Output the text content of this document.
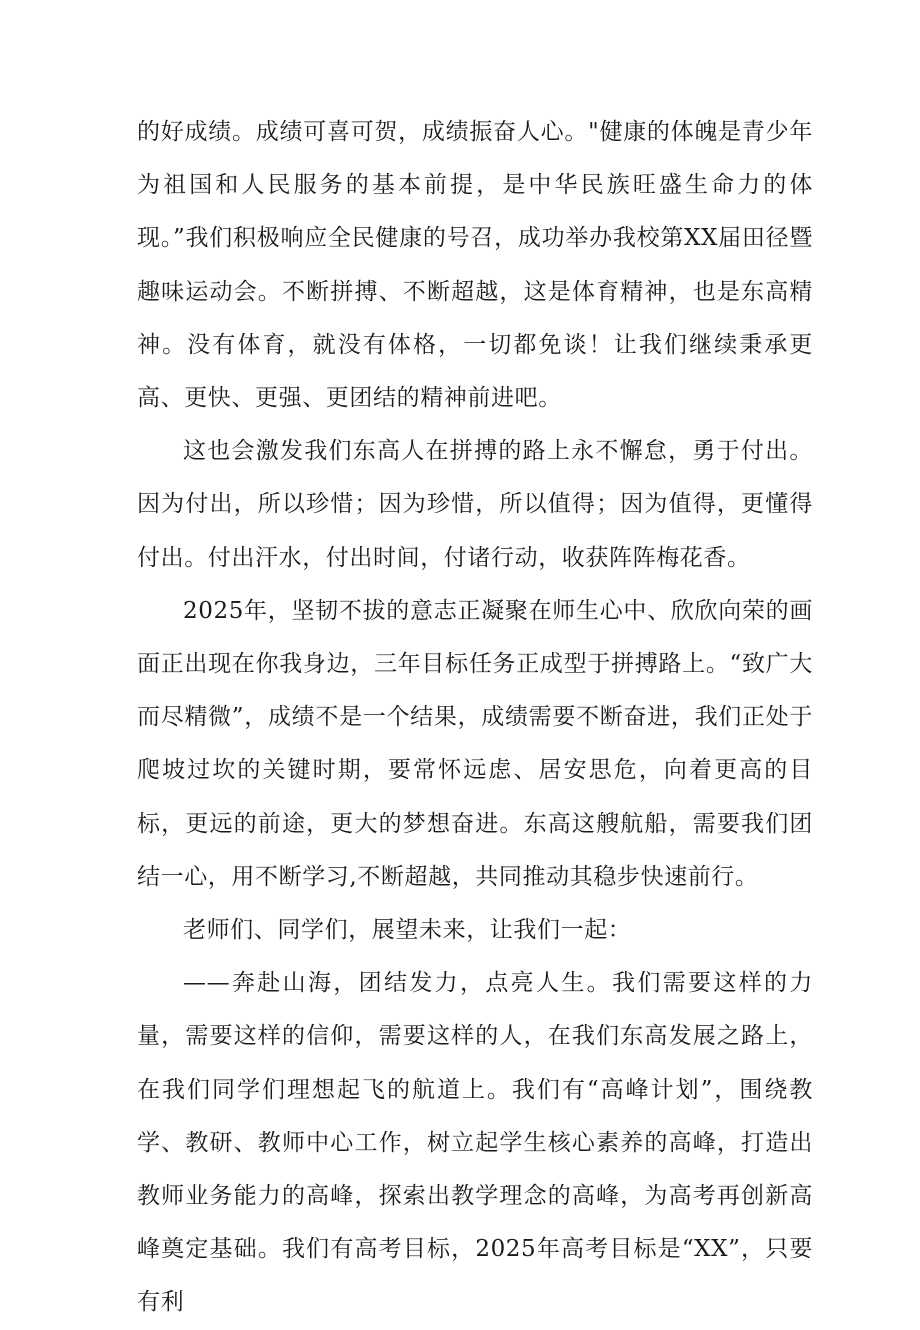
的好成绩。成绩可喜可贺，成绩振奋人心。"健康的体魄是青少年为祖国和人民服务的基本前提，是中华民族旺盛生命力的体现。”我们积极响应全民健康的号召，成功举办我校第XX届田径暨趣味运动会。不断拼搏、不断超越，这是体育精神，也是东高精神。没有体育，就没有体格，一切都免谈！让我们继续秉承更高、更快、更强、更团结的精神前进吧。

这也会激发我们东高人在拼搏的路上永不懈怠，勇于付出。因为付出，所以珍惜；因为珍惜，所以值得；因为值得，更懂得付出。付出汗水，付出时间，付诸行动，收获阵阵梅花香。

2025年，坚韧不拔的意志正凝聚在师生心中、欣欣向荣的画面正出现在你我身边，三年目标任务正成型于拼搏路上。“致广大而尽精微”，成绩不是一个结果，成绩需要不断奋进，我们正处于爬坡过坎的关键时期，要常怀远虑、居安思危，向着更高的目标，更远的前途，更大的梦想奋进。东高这艘航船，需要我们团结一心，用不断学习,不断超越，共同推动其稳步快速前行。

老师们、同学们，展望未来，让我们一起：

——奔赴山海，团结发力，点亮人生。我们需要这样的力量，需要这样的信仰，需要这样的人，在我们东高发展之路上，在我们同学们理想起飞的航道上。我们有“高峰计划”，围绕教学、教研、教师中心工作，树立起学生核心素养的高峰，打造出教师业务能力的高峰，探索出教学理念的高峰，为高考再创新高峰奠定基础。我们有高考目标，2025年高考目标是“XX”，只要有利
